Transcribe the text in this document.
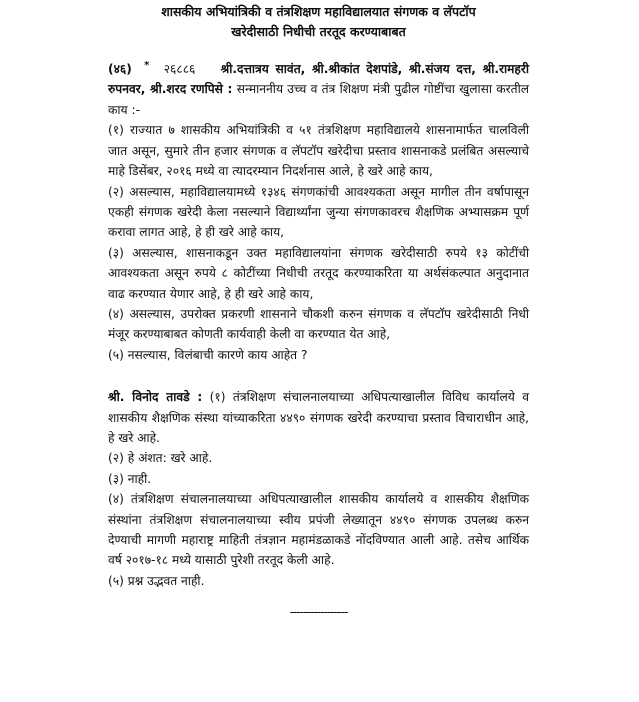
शासकीय अभियांत्रिकी व तंत्रशिक्षण महाविद्यालयात संगणक व लॅपटॉप
खरेदीसाठी निधीची तरतूद करण्याबाबत

(४६) * २६८८६ श्री.दत्तात्रय सावंत, श्री.श्रीकांत देशपांडे, श्री.संजय दत्त, श्री.रामहरी रुपनवर, श्री.शरद रणपिसे : सन्माननीय उच्च व तंत्र शिक्षण मंत्री पुढील गोष्टींचा खुलासा करतील काय :-

(१) राज्यात ७ शासकीय अभियांत्रिकी व ५१ तंत्रशिक्षण महाविद्यालये शासनामार्फत चालविली जात असून, सुमारे तीन हजार संगणक व लॅपटॉप खरेदीचा प्रस्ताव शासनाकडे प्रलंबित असल्याचे माहे डिसेंबर, २०१६ मध्ये वा त्यादरम्यान निदर्शनास आले, हे खरे आहे काय,

(२) असल्यास, महाविद्यालयामध्ये १३४६ संगणकांची आवश्यकता असून मागील तीन वर्षापासून एकही संगणक खरेदी केला नसल्याने विद्यार्थ्यांना जुन्या संगणकावरच शैक्षणिक अभ्यासक्रम पूर्ण करावा लागत आहे, हे ही खरे आहे काय,

(३) असल्यास, शासनाकडून उक्त महाविद्यालयांना संगणक खरेदीसाठी रुपये १३ कोटींची आवश्यकता असून रुपये ८ कोटींच्या निधीची तरतूद करण्याकरिता या अर्थसंकल्पात अनुदानात वाढ करण्यात येणार आहे, हे ही खरे आहे काय,

(४) असल्यास, उपरोक्त प्रकरणी शासनाने चौकशी करुन संगणक व लॅपटॉप खरेदीसाठी निधी मंजूर करण्याबाबत कोणती कार्यवाही केली वा करण्यात येत आहे,

(५) नसल्यास, विलंबाची कारणे काय आहेत ?

श्री. विनोद तावडे : (१) तंत्रशिक्षण संचालनालयाच्या अधिपत्याखालील विविध कार्यालये व शासकीय शैक्षणिक संस्था यांच्याकरिता ४४९० संगणक खरेदी करण्याचा प्रस्ताव विचाराधीन आहे, हे खरे आहे.

(२) हे अंशत: खरे आहे.

(३) नाही.

(४) तंत्रशिक्षण संचालनालयाच्या अधिपत्याखालील शासकीय कार्यालये व शासकीय शैक्षणिक संस्थांना तंत्रशिक्षण संचालनालयाच्या स्वीय प्रपंजी लेख्यातून ४४९० संगणक उपलब्ध करुन देण्याची मागणी महाराष्ट्र माहिती तंत्रज्ञान महामंडळाकडे नोंदविण्यात आली आहे. तसेच आर्थिक वर्ष २०१७-१८ मध्ये यासाठी पुरेशी तरतूद केली आहे.

(५) प्रश्न उद्भवत नाही.

-----------------
